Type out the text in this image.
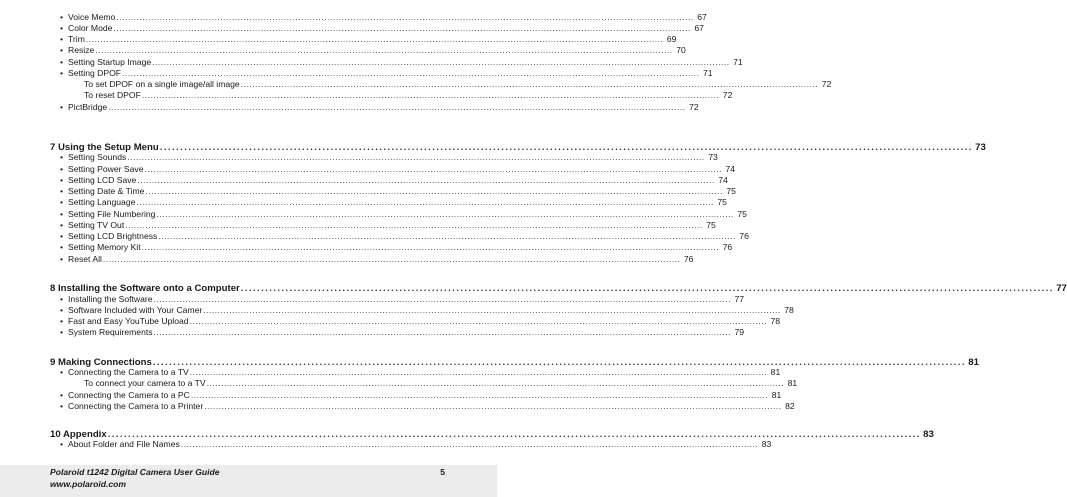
• Voice Memo ........................................................................................................................................................................................................ 67
• Color Mode ........................................................................................................................................................................................................ 67
• Trim ........................................................................................................................................................................................................ 69
• Resize ........................................................................................................................................................................................................ 70
• Setting Startup Image ........................................................................................................................................................................................................ 71
• Setting DPOF ........................................................................................................................................................................................................ 71
To set DPOF on a single image/all image ........................................................................................................................................................................................................ 72
To reset DPOF ........................................................................................................................................................................................................ 72
• PictBridge ........................................................................................................................................................................................................ 72
7 Using the Setup Menu ........................................................................................................................................................................................................ 73
• Setting Sounds ........................................................................................................................................................................................................ 73
• Setting Power Save ........................................................................................................................................................................................................ 74
• Setting LCD Save ........................................................................................................................................................................................................ 74
• Setting Date & Time ........................................................................................................................................................................................................ 75
• Setting Language ........................................................................................................................................................................................................ 75
• Setting File Numbering ........................................................................................................................................................................................................ 75
• Setting TV Out ........................................................................................................................................................................................................ 75
• Setting LCD Brightness ........................................................................................................................................................................................................ 76
• Setting Memory Kit ........................................................................................................................................................................................................ 76
• Reset All ........................................................................................................................................................................................................ 76
8 Installing the Software onto a Computer ........................................................................................................................................................................................................ 77
• Installing the Software ........................................................................................................................................................................................................ 77
• Software Included with Your Camer ........................................................................................................................................................................................................ 78
• Fast and Easy YouTube Upload ........................................................................................................................................................................................................ 78
• System Requirements ........................................................................................................................................................................................................ 79
9 Making Connections ........................................................................................................................................................................................................ 81
• Connecting the Camera to a TV ........................................................................................................................................................................................................ 81
To connect your camera to a TV ........................................................................................................................................................................................................ 81
• Connecting the Camera to a PC ........................................................................................................................................................................................................ 81
• Connecting the Camera to a Printer ........................................................................................................................................................................................................ 82
10 Appendix ........................................................................................................................................................................................................ 83
• About Folder and File Names ........................................................................................................................................................................................................ 83
Polaroid t1242 Digital Camera User Guide
www.polaroid.com
5
